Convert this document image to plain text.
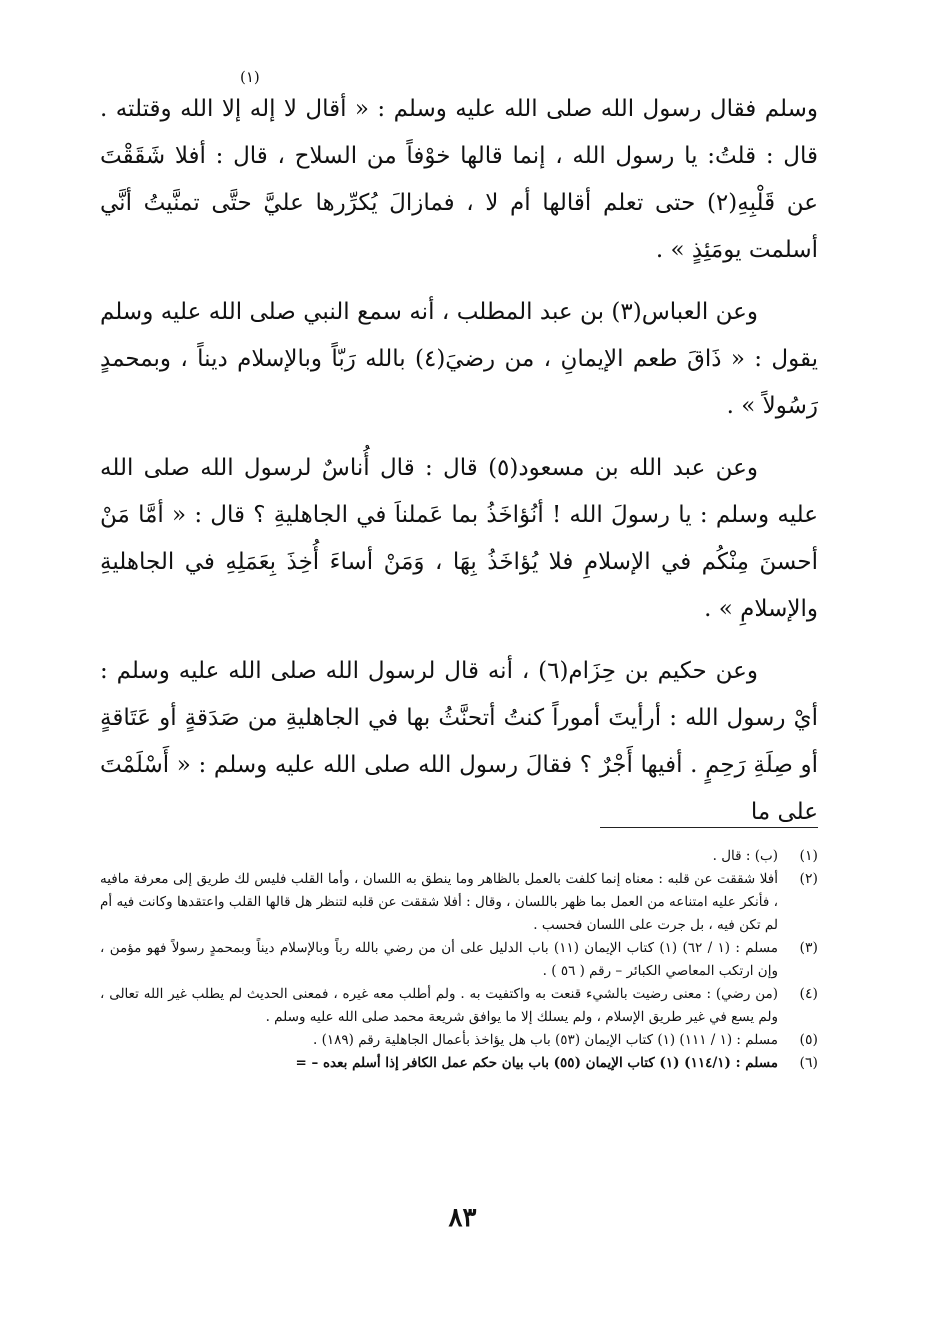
(١)

وسلم فقال رسول الله صلى الله عليه وسلم : « أقال لا إله إلا الله وقتلته . قال : قلتُ: يا رسول الله ، إنما قالها خوْفاً من السلاح ، قال : أفلا شَقَقْتَ عن قَلْبِهِ(٢) حتى تعلم أقالها أم لا ، فمازالَ يُكرِّرها عليَّ حتَّى تمنَّيتُ أنَّي أسلمت يومَئِذٍ » .

وعن العباس(٣) بن عبد المطلب ، أنه سمع النبي صلى الله عليه وسلم يقول : « ذَاقَ طعم الإيمانِ ، من رضيَ(٤) بالله رَبّاً وبالإسلام ديناً ، وبمحمدٍ رَسُولاً » .

وعن عبد الله بن مسعود(٥) قال : قال أُناسٌ لرسول الله صلى الله عليه وسلم : يا رسولَ الله ! أنُؤاخَذُ بما عَملناَ في الجاهليةِ ؟ قال : « أمَّا مَنْ أحسنَ مِنْكُم في الإسلامِ فلا يُؤاخَذُ بِهَا ، وَمَنْ أساءَ أُخِذَ بِعَمَلِهِ في الجاهليةِ والإسلامِ » .

وعن حكيم بن حِزَام(٦) ، أنه قال لرسول الله صلى الله عليه وسلم : أيْ رسول الله : أرأيتَ أموراً كنتُ أتحنَّثُ بها في الجاهليةِ من صَدَقةٍ أو عَتَاقةٍ أو صِلَةِ رَحِمٍ . أفيها أَجْرٌ ؟ فقالَ رسول الله صلى الله عليه وسلم : « أَسْلَمْتَ على ما

(١)
(ب) : قال .
(٢)
أفلا شققت عن قلبه : معناه إنما كلفت بالعمل بالظاهر وما ينطق به اللسان ، وأما القلب فليس لك طريق إلى معرفة مافيه ، فأنكر عليه امتناعه من العمل بما ظهر باللسان ، وقال : أفلا شققت عن قلبه لتنظر هل قالها القلب واعتقدها وكانت فيه أم لم تكن فيه ، بل جرت على اللسان فحسب .
(٣)
مسلم : (١ / ٦٢) (١) كتاب الإيمان (١١) باب الدليل على أن من رضي بالله رباً وبالإسلام ديناً وبمحمدٍ رسولاً فهو مؤمن ، وإن ارتكب المعاصي الكبائر – رقم ( ٥٦ ) .
(٤)
(من رضي) : معنى رضيت بالشيء قنعت به واكتفيت به . ولم أطلب معه غيره ، فمعنى الحديث لم يطلب غير الله تعالى ، ولم يسع في غير طريق الإسلام ، ولم يسلك إلا ما يوافق شريعة محمد صلى الله عليه وسلم .
(٥)
مسلم : (١ / ١١١) (١) كتاب الإيمان (٥٣) باب هل يؤاخذ بأعمال الجاهلية رقم (١٨٩) .
(٦)
مسلم : (١١٤/١) (١) كتاب الإيمان (٥٥) باب بيان حكم عمل الكافر إذا أسلم بعده – =
٨٣
